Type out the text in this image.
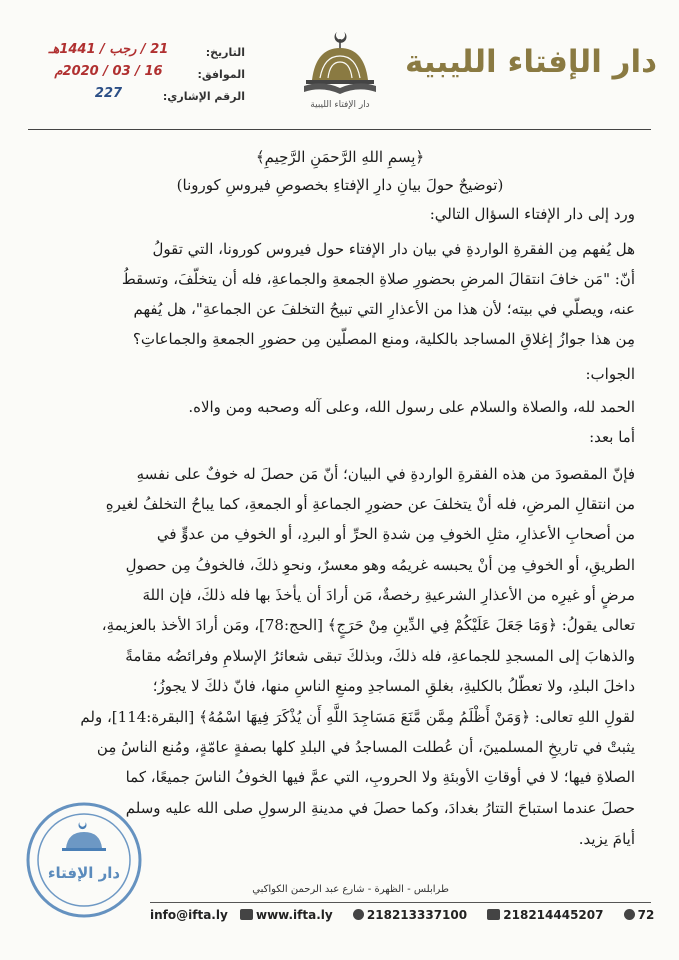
دار الإفتاء الليبية
دار الإفتاء الليبية
التاريخ:
21 / رجب / 1441هـ
الموافق:
16 / 03 / 2020م
الرقم الإشاري:
227
﴿بِسمِ اللهِ الرَّحمَنِ الرَّحِيمِ﴾
(توضيحٌ حولَ بيانِ دارِ الإفتاءِ بخصوصِ فيروسِ كورونا)
ورد إلى دار الإفتاء السؤال التالي:
هل يُفهم مِن الفقرةِ الواردةِ في بيان دار الإفتاء حول فيروس كورونا، التي تقولُ
أنّ: "مَن خافَ انتقالَ المرضِ بحضورِ صلاةِ الجمعةِ والجماعةِ، فله أن يتخلّفَ، وتسقطُ
عنه، ويصلّي في بيته؛ لأن هذا من الأعذارِ التي تبيحُ التخلفَ عن الجماعةِ"، هل يُفهم
مِن هذا جوازُ إغلاقِ المساجد بالكلية، ومنع المصلّين مِن حضورِ الجمعةِ والجماعاتِ؟
الجواب:
الحمد لله، والصلاة والسلام على رسول الله، وعلى آله وصحبه ومن والاه.
أما بعد:
فإنّ المقصودَ من هذه الفقرةِ الواردةِ في البيان؛ أنّ مَن حصلَ له خوفٌ على نفسهِ
من انتقالِ المرضِ، فله أنْ يتخلفَ عن حضورِ الجماعةِ أو الجمعةِ، كما يباحُ التخلفُ لغيرهِ
من أصحابِ الأعذارِ، مثلِ الخوفِ مِن شدةِ الحرِّ أو البردِ، أو الخوفِ من عدوٍّ في
الطريقِ، أو الخوفِ مِن أنْ يحبسه غريمُه وهو معسرٌ، ونحوِ ذلكَ، فالخوفُ مِن حصولِ
مرضٍ أو غيرِه من الأعذارِ الشرعيةِ رخصةٌ، مَن أرادَ أن يأخذَ بها فله ذلكَ، فإن اللهَ
تعالى يقولُ: ﴿وَمَا جَعَلَ عَلَيْكُمْ فِي الدِّينِ مِنْ حَرَجٍ﴾ [الحج:78]، ومَن أرادَ الأخذ بالعزيمةِ،
والذهابَ إلى المسجدِ للجماعةِ، فله ذلكَ، وبذلكَ تبقى شعائرُ الإسلامِ وفرائضُه مقامةً
داخلَ البلدِ، ولا تعطّلُ بالكليةِ، بغلقِ المساجدِ ومنعِ الناسِ منها، فانّ ذلكَ لا يجوزُ؛
لقولِ اللهِ تعالى: ﴿وَمَنْ أَظْلَمُ مِمَّن مَّنَعَ مَسَاجِدَ اللَّهِ أَن يُذْكَرَ فِيهَا اسْمُهُ﴾ [البقرة:114]، ولم
يثبتْ في تاريخِ المسلمينَ، أن عُطلت المساجدُ في البلدِ كلها بصفةٍ عامّةٍ، ومُنع الناسُ مِن
الصلاةِ فيها؛ لا في أوقاتِ الأوبئةِ ولا الحروبِ، التي عمَّ فيها الخوفُ الناسَ جميعًا، كما
حصلَ عندما استباحَ التتارُ بغدادَ، وكما حصلَ في مدينةِ الرسولِ صلى الله عليه وسلم
أيامَ يزيد.
دار الإفتاء
طرابلس - الظهرة - شارع عبد الرحمن الكواكبي
info@ifta.ly www.ifta.ly	218213337100	218214445207	72
